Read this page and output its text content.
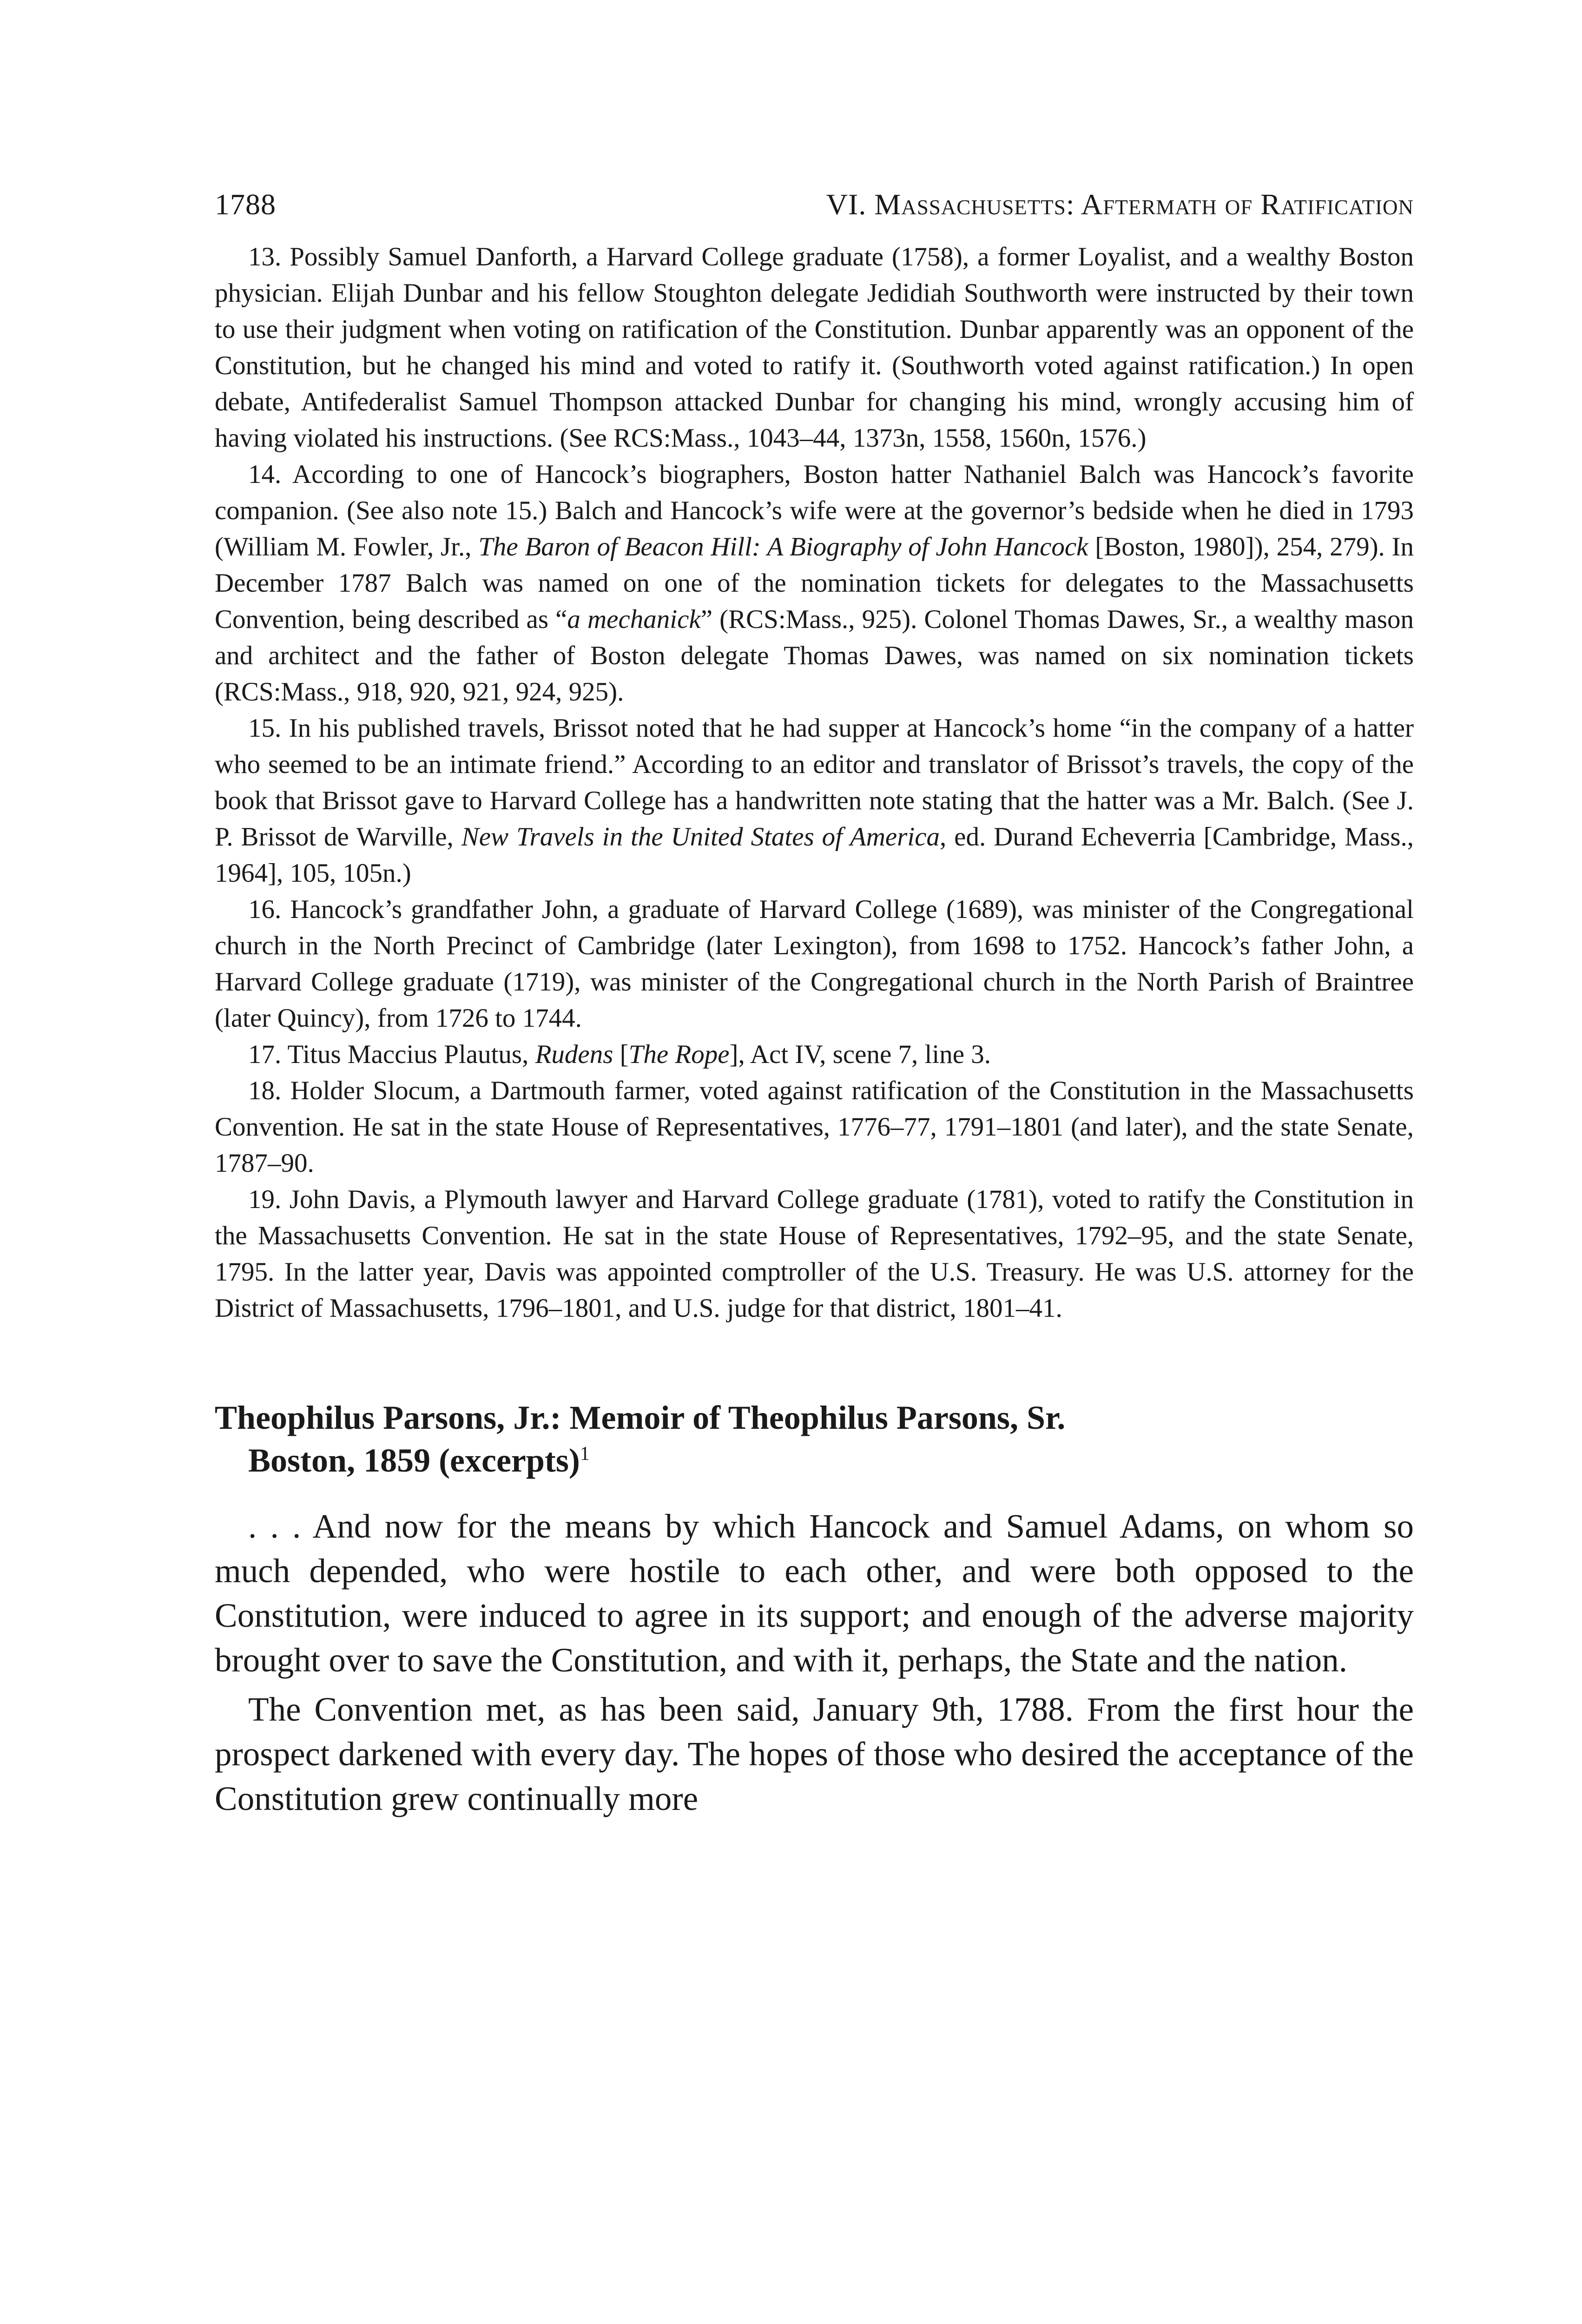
1788	VI. Massachusetts: Aftermath of Ratification

13. Possibly Samuel Danforth, a Harvard College graduate (1758), a former Loyalist, and a wealthy Boston physician. Elijah Dunbar and his fellow Stoughton delegate Jedidiah Southworth were instructed by their town to use their judgment when voting on ratification of the Constitution. Dunbar apparently was an opponent of the Constitution, but he changed his mind and voted to ratify it. (Southworth voted against ratification.) In open debate, Antifederalist Samuel Thompson attacked Dunbar for changing his mind, wrongly accusing him of having violated his instructions. (See RCS:Mass., 1043–44, 1373n, 1558, 1560n, 1576.)

14. According to one of Hancock’s biographers, Boston hatter Nathaniel Balch was Hancock’s favorite companion. (See also note 15.) Balch and Hancock’s wife were at the governor’s bedside when he died in 1793 (William M. Fowler, Jr., The Baron of Beacon Hill: A Biography of John Hancock [Boston, 1980]), 254, 279). In December 1787 Balch was named on one of the nomination tickets for delegates to the Massachusetts Convention, being described as “a mechanick” (RCS:Mass., 925). Colonel Thomas Dawes, Sr., a wealthy mason and architect and the father of Boston delegate Thomas Dawes, was named on six nomination tickets (RCS:Mass., 918, 920, 921, 924, 925).

15. In his published travels, Brissot noted that he had supper at Hancock’s home “in the company of a hatter who seemed to be an intimate friend.” According to an editor and translator of Brissot’s travels, the copy of the book that Brissot gave to Harvard College has a handwritten note stating that the hatter was a Mr. Balch. (See J. P. Brissot de Warville, New Travels in the United States of America, ed. Durand Echeverria [Cambridge, Mass., 1964], 105, 105n.)

16. Hancock’s grandfather John, a graduate of Harvard College (1689), was minister of the Congregational church in the North Precinct of Cambridge (later Lexington), from 1698 to 1752. Hancock’s father John, a Harvard College graduate (1719), was minister of the Congregational church in the North Parish of Braintree (later Quincy), from 1726 to 1744.

17. Titus Maccius Plautus, Rudens [The Rope], Act IV, scene 7, line 3.

18. Holder Slocum, a Dartmouth farmer, voted against ratification of the Constitution in the Massachusetts Convention. He sat in the state House of Representatives, 1776–77, 1791–1801 (and later), and the state Senate, 1787–90.

19. John Davis, a Plymouth lawyer and Harvard College graduate (1781), voted to ratify the Constitution in the Massachusetts Convention. He sat in the state House of Representatives, 1792–95, and the state Senate, 1795. In the latter year, Davis was appointed comptroller of the U.S. Treasury. He was U.S. attorney for the District of Massachusetts, 1796–1801, and U.S. judge for that district, 1801–41.

Theophilus Parsons, Jr.: Memoir of Theophilus Parsons, Sr.
Boston, 1859 (excerpts)$^1$

. . . And now for the means by which Hancock and Samuel Adams, on whom so much depended, who were hostile to each other, and were both opposed to the Constitution, were induced to agree in its support; and enough of the adverse majority brought over to save the Constitution, and with it, perhaps, the State and the nation.

The Convention met, as has been said, January 9th, 1788. From the first hour the prospect darkened with every day. The hopes of those who desired the acceptance of the Constitution grew continually more
